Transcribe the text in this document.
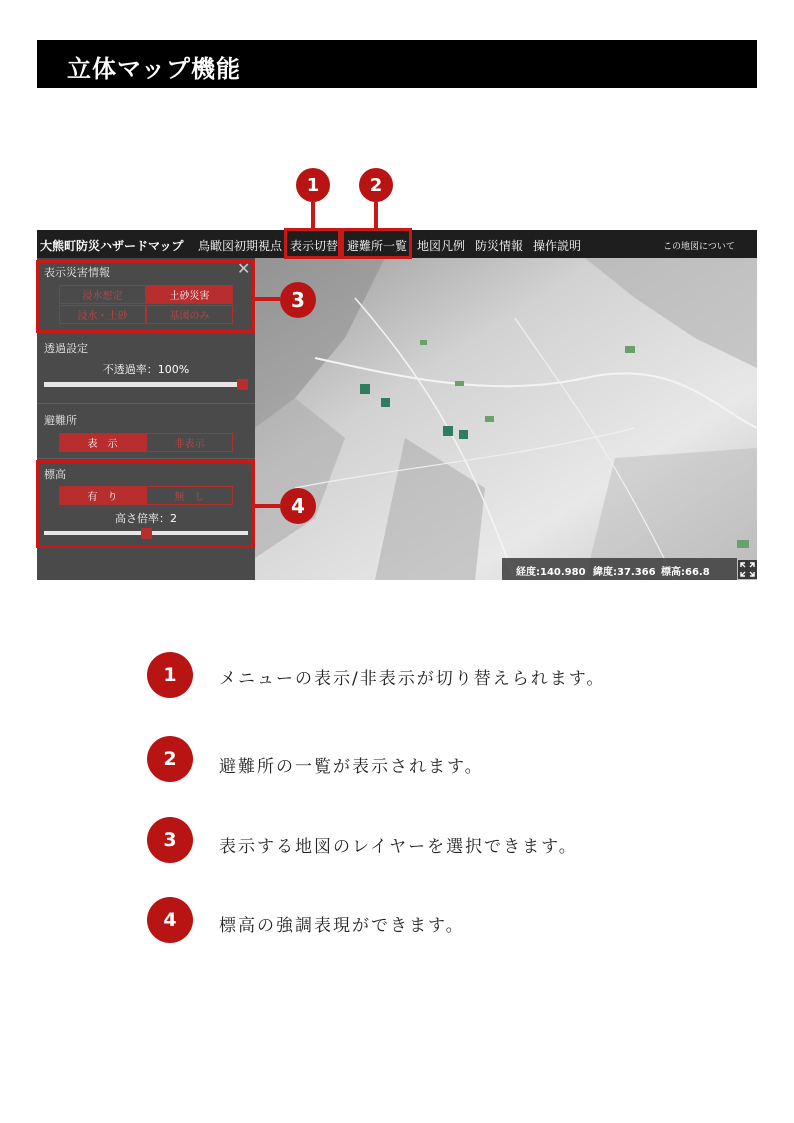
立体マップ機能
大熊町防災ハザードマップ 鳥瞰図初期視点 表示切替 避難所一覧 地図凡例 防災情報 操作説明	この地図について
✕
表示災害情報
浸水想定	土砂災害
浸水・土砂	基図のみ
透過設定
不透過率：100%
避難所
表　示	非表示
標高
有　り	無　し
高さ倍率：2
経度:140.980 緯度:37.366 標高:66.8
1	2
3
4
1	メニューの表示/非表示が切り替えられます。
2	避難所の一覧が表示されます。
3	表示する地図のレイヤーを選択できます。
4	標高の強調表現ができます。
